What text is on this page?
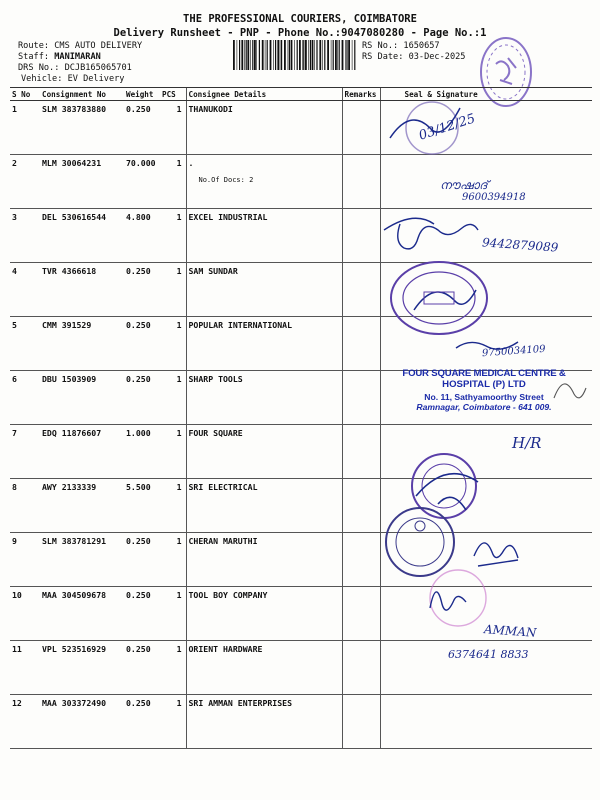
THE PROFESSIONAL COURIERS, COIMBATORE
Delivery Runsheet - PNP - Phone No.:9047080280 - Page No.:1
Route: CMS AUTO DELIVERY
Staff: MANIMARAN
DRS No.: DCJB165065701
Vehicle: EV Delivery
RS No.: 1650657
RS Date: 03-Dec-2025
S No	Consignment No	Weight	PCS	Consignee Details	Remarks	Seal & Signature
1	SLM 383783880	0.250	1	THANUKODI		
2	MLM 30064231	70.000	1	.
No.Of Docs: 2		

3	DEL 530616544	4.800	1	EXCEL INDUSTRIAL		
4	TVR 4366618	0.250	1	SAM SUNDAR		
5	CMM 391529	0.250	1	POPULAR INTERNATIONAL		
6	DBU 1503909	0.250	1	SHARP TOOLS		
7	EDQ 11876607	1.000	1	FOUR SQUARE		
8	AWY 2133339	5.500	1	SRI ELECTRICAL		
9	SLM 383781291	0.250	1	CHERAN MARUTHI		
10	MAA 304509678	0.250	1	TOOL BOY COMPANY		
11	VPL 523516929	0.250	1	ORIENT HARDWARE		
12	MAA 303372490	0.250	1	SRI AMMAN ENTERPRISES		
03/12/25
നൗഷാദ്
9600394918
9442879089
9750034109
FOUR SQUARE MEDICAL CENTRE &
HOSPITAL (P) LTD
No. 11, Sathyamoorthy Street
Ramnagar, Coimbatore - 641 009.
H/R
AMMAN
6374641 8833
